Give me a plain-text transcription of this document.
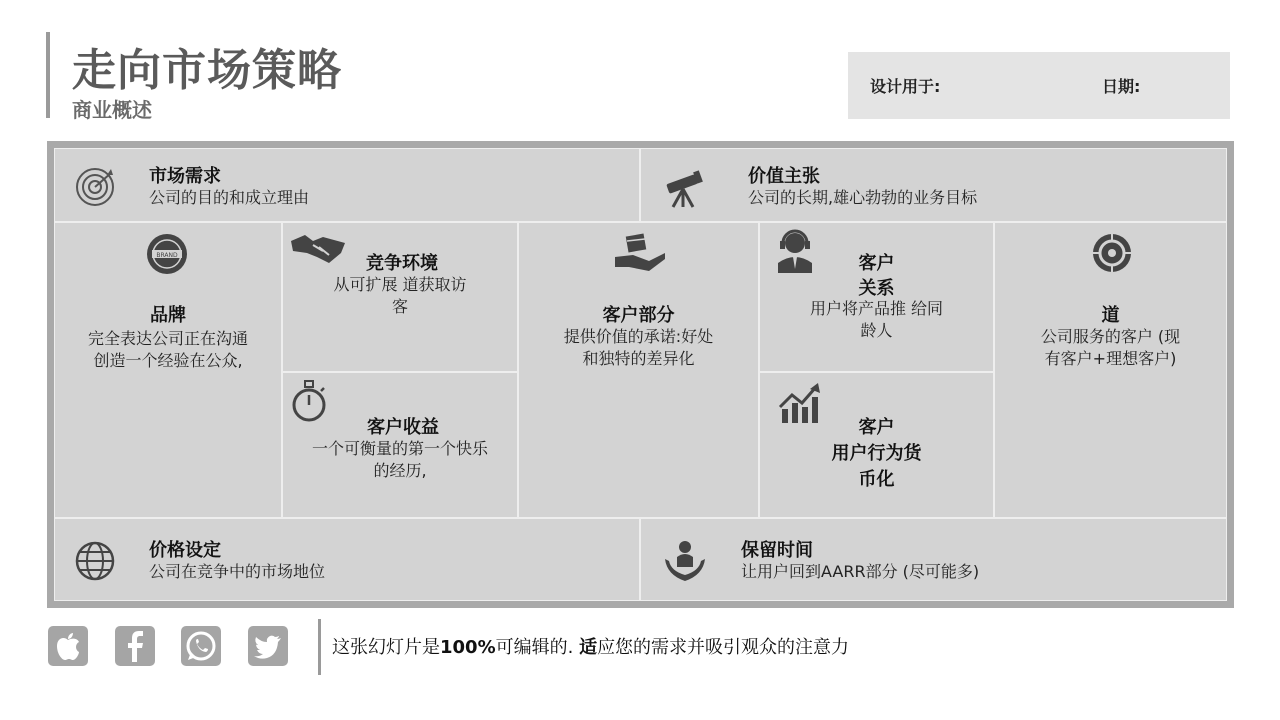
走向市场策略
商业概述
设计用于:	日期:
市场需求
公司的目的和成立理由
价值主张
公司的长期,雄心勃勃的业务目标
BRAND
品牌
完全表达公司正在沟通
创造一个经验在公众,
竞争环境
从可扩展 道获取访
客
客户收益
一个可衡量的第一个快乐
的经历,
客户部分
提供价值的承诺:好处
和独特的差异化
客户
关系
用户将产品推 给同
龄人
客户
用户行为货
币化
道
公司服务的客户 (现
有客户+理想客户)
价格设定
公司在竞争中的市场地位
保留时间
让用户回到AARR部分 (尽可能多)
这张幻灯片是100%可编辑的. 适应您的需求并吸引观众的注意力
